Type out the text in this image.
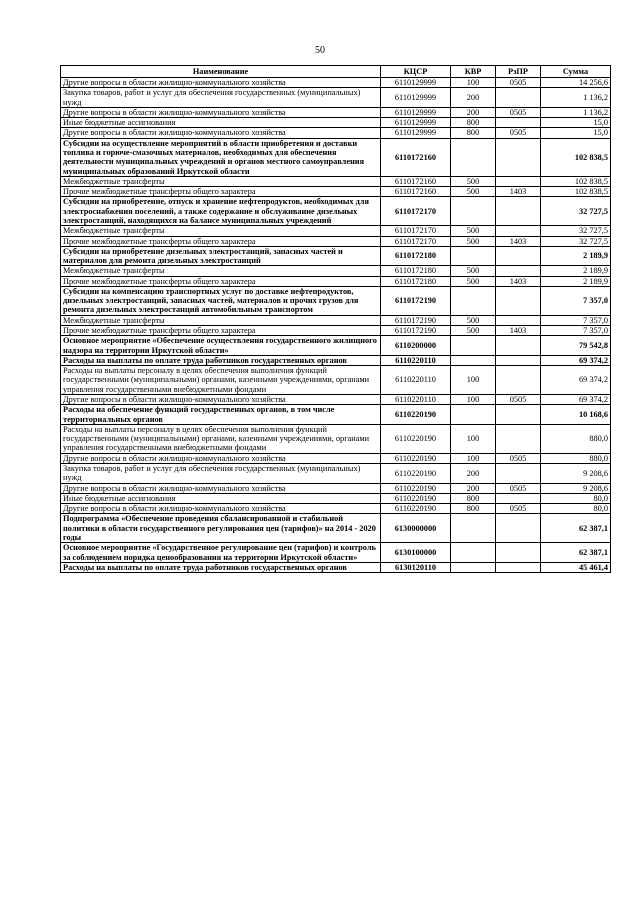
50
Наименование	КЦСР	КВР	РзПР	Сумма
Другие вопросы в области жилищно-коммунального хозяйства	6110129999	100	0505	14 256,6
Закупка товаров, работ и услуг для обеспечения государственных (муниципальных) нужд	6110129999	200		1 136,2
Другие вопросы в области жилищно-коммунального хозяйства	6110129999	200	0505	1 136,2
Иные бюджетные ассигнования	6110129999	800		15,0
Другие вопросы в области жилищно-коммунального хозяйства	6110129999	800	0505	15,0
Субсидии на осуществление мероприятий в области приобретения и доставки топлива и горюче-смазочных материалов, необходимых для обеспечения деятельности муниципальных учреждений и органов местного самоуправления муниципальных образований Иркутской области	6110172160			102 838,5
Межбюджетные трансферты	6110172160	500		102 838,5
Прочие межбюджетные трансферты общего характера	6110172160	500	1403	102 838,5
Субсидии на приобретение, отпуск и хранение нефтепродуктов, необходимых для электроснабжения поселений, а также содержание и обслуживание дизельных электростанций, находящихся на балансе муниципальных учреждений	6110172170			32 727,5
Межбюджетные трансферты	6110172170	500		32 727,5
Прочие межбюджетные трансферты общего характера	6110172170	500	1403	32 727,5
Субсидии на приобретение дизельных электростанций, запасных частей и материалов для ремонта дизельных электростанций	6110172180			2 189,9
Межбюджетные трансферты	6110172180	500		2 189,9
Прочие межбюджетные трансферты общего характера	6110172180	500	1403	2 189,9
Субсидии на компенсацию транспортных услуг по доставке нефтепродуктов, дизельных электростанций, запасных частей, материалов и прочих грузов для ремонта дизельных электростанций автомобильным транспортом	6110172190			7 357,0
Межбюджетные трансферты	6110172190	500		7 357,0
Прочие межбюджетные трансферты общего характера	6110172190	500	1403	7 357,0
Основное мероприятие «Обеспечение осуществления государственного жилищного надзора на территории Иркутской области»	6110200000			79 542,8
Расходы на выплаты по оплате труда работников государственных органов	6110220110			69 374,2
Расходы на выплаты персоналу в целях обеспечения выполнения функций государственными (муниципальными) органами, казенными учреждениями, органами управления государственными внебюджетными фондами	6110220110	100		69 374,2
Другие вопросы в области жилищно-коммунального хозяйства	6110220110	100	0505	69 374,2
Расходы на обеспечение функций государственных органов, в том числе территориальных органов	6110220190			10 168,6
Расходы на выплаты персоналу в целях обеспечения выполнения функций государственными (муниципальными) органами, казенными учреждениями, органами управления государственными внебюджетными фондами	6110220190	100		880,0
Другие вопросы в области жилищно-коммунального хозяйства	6110220190	100	0505	880,0
Закупка товаров, работ и услуг для обеспечения государственных (муниципальных) нужд	6110220190	200		9 208,6
Другие вопросы в области жилищно-коммунального хозяйства	6110220190	200	0505	9 208,6
Иные бюджетные ассигнования	6110220190	800		80,0
Другие вопросы в области жилищно-коммунального хозяйства	6110220190	800	0505	80,0
Подпрограмма «Обеспечение проведения сбалансированной и стабильной политики в области государственного регулирования цен (тарифов)» на 2014 - 2020 годы	6130000000			62 387,1
Основное мероприятие «Государственное регулирование цен (тарифов) и контроль за соблюдением порядка ценообразования на территории Иркутской области»	6130100000			62 387,1
Расходы на выплаты по оплате труда работников государственных органов	6130120110			45 461,4
